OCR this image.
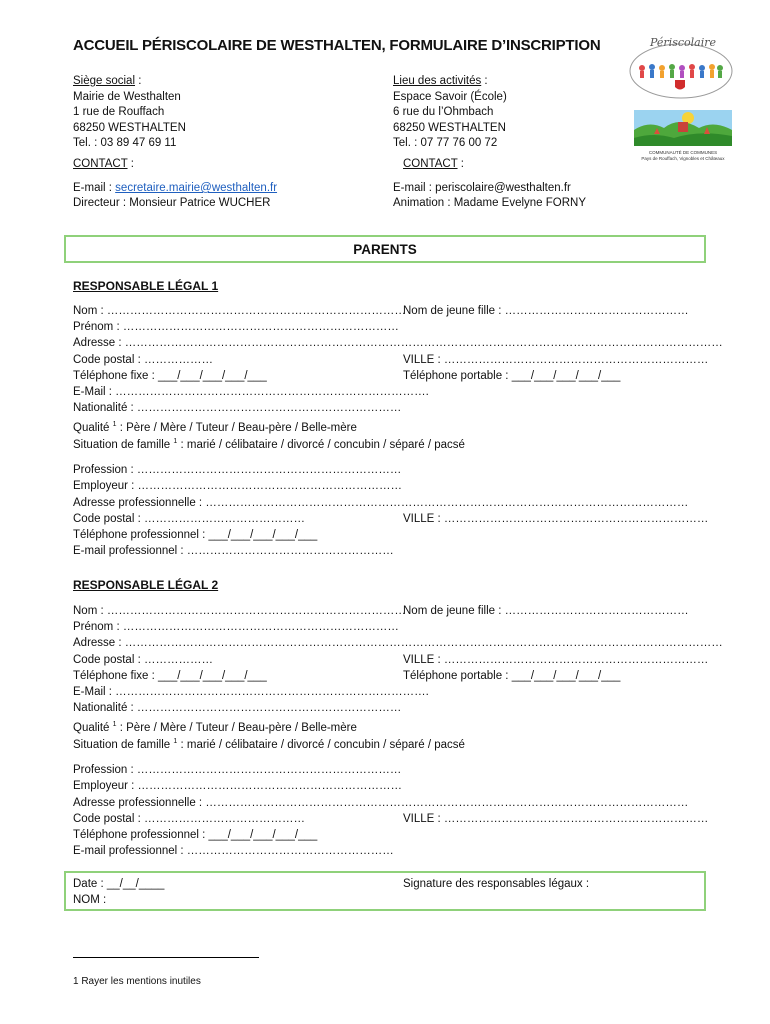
ACCUEIL PÉRISCOLAIRE DE WESTHALTEN, FORMULAIRE D’INSCRIPTION
Siège social :
Mairie de Westhalten
1 rue de Rouffach
68250 WESTHALTEN
Tel. : 03 89 47 69 11
Lieu des activités :
Espace Savoir (École)
6 rue du l’Ohmbach
68250 WESTHALTEN
Tel. : 07 77 76 00 72
CONTACT :
E-mail : secretaire.mairie@westhalten.fr
Directeur : Monsieur Patrice WUCHER
CONTACT :
E-mail : periscolaire@westhalten.fr
Animation : Madame Evelyne FORNY
Périscolaire
COMMUNAUTÉ DE COMMUNES
Pays de Rouffach, Vignobles et Châteaux
PARENTS
RESPONSABLE LÉGAL 1
Nom : ……………………………………………………………………
Nom de jeune fille : …………………………………………
Prénom : ………………………………………………………………
Adresse : …………………………………………………………………………………………………………………………………………
Code postal : ………………	VILLE : ……………………………………………………………
Téléphone fixe : ___/___/___/___/___	Téléphone portable : ___/___/___/___/___
E-Mail : ……………………………………………………………………….
Nationalité : ……………………………………………………………
Qualité $^1$ : Père / Mère / Tuteur / Beau-père / Belle-mère
Situation de famille $^1$ : marié / célibataire / divorcé / concubin / séparé / pacsé
Profession : ……………………………………………………………
Employeur : ……………………………………………………………
Adresse professionnelle : ………………………………………………………………………………………………………………
Code postal : ……………………………………	VILLE : ……………………………………………………………
Téléphone professionnel : ___/___/___/___/___
E-mail professionnel : ………………………………………………
RESPONSABLE LÉGAL 2
Nom : ……………………………………………………………………
Nom de jeune fille : …………………………………………
Prénom : ………………………………………………………………
Adresse : …………………………………………………………………………………………………………………………………………
Code postal : ………………	VILLE : ……………………………………………………………
Téléphone fixe : ___/___/___/___/___	Téléphone portable : ___/___/___/___/___
E-Mail : ……………………………………………………………………….
Nationalité : ……………………………………………………………
Qualité $^1$ : Père / Mère / Tuteur / Beau-père / Belle-mère
Situation de famille $^1$ : marié / célibataire / divorcé / concubin / séparé / pacsé
Profession : ……………………………………………………………
Employeur : ……………………………………………………………
Adresse professionnelle : ………………………………………………………………………………………………………………
Code postal : ……………………………………	VILLE : ……………………………………………………………
Téléphone professionnel : ___/___/___/___/___
E-mail professionnel : ………………………………………………
Date : __/__/____
NOM :
Signature des responsables légaux :
1 Rayer les mentions inutiles
